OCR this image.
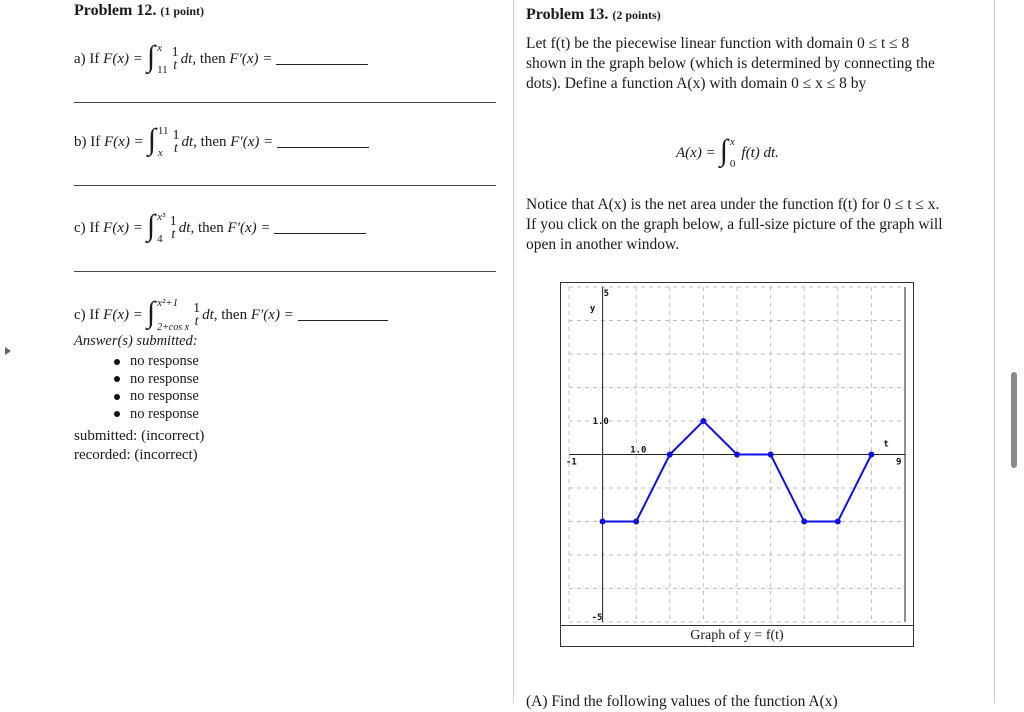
Problem 12. (1 point)
a) If
F(x) = ∫ x
11
1
t dt,
then
F′(x) =

b) If
F(x) = ∫ 11
x
1
t dt,
then
F′(x) =

c) If
F(x) = ∫ x⁵
4
1
t dt,
then
F′(x) =

c) If
F(x) = ∫ x²+1
2+cos x
1
t dt,
then
F′(x) =

Answer(s) submitted:
no response
no response
no response
no response
submitted: (incorrect)
recorded: (incorrect)
Problem 13. (2 points)
Let f(t) be the piecewise linear function with domain 0 ≤ t ≤ 8 shown in the graph below (which is determined by connecting the dots). Define a function A(x) with domain 0 ≤ x ≤ 8 by
A(x) = ∫ x
0
f(t) dt.
Notice that A(x) is the net area under the function f(t) for 0 ≤ t ≤ x. If you click on the graph below, a full-size picture of the graph will open in another window.
5
y
1.0
1.0
-1	9
t
-5
Graph of y = f(t)
(A) Find the following values of the function A(x)
